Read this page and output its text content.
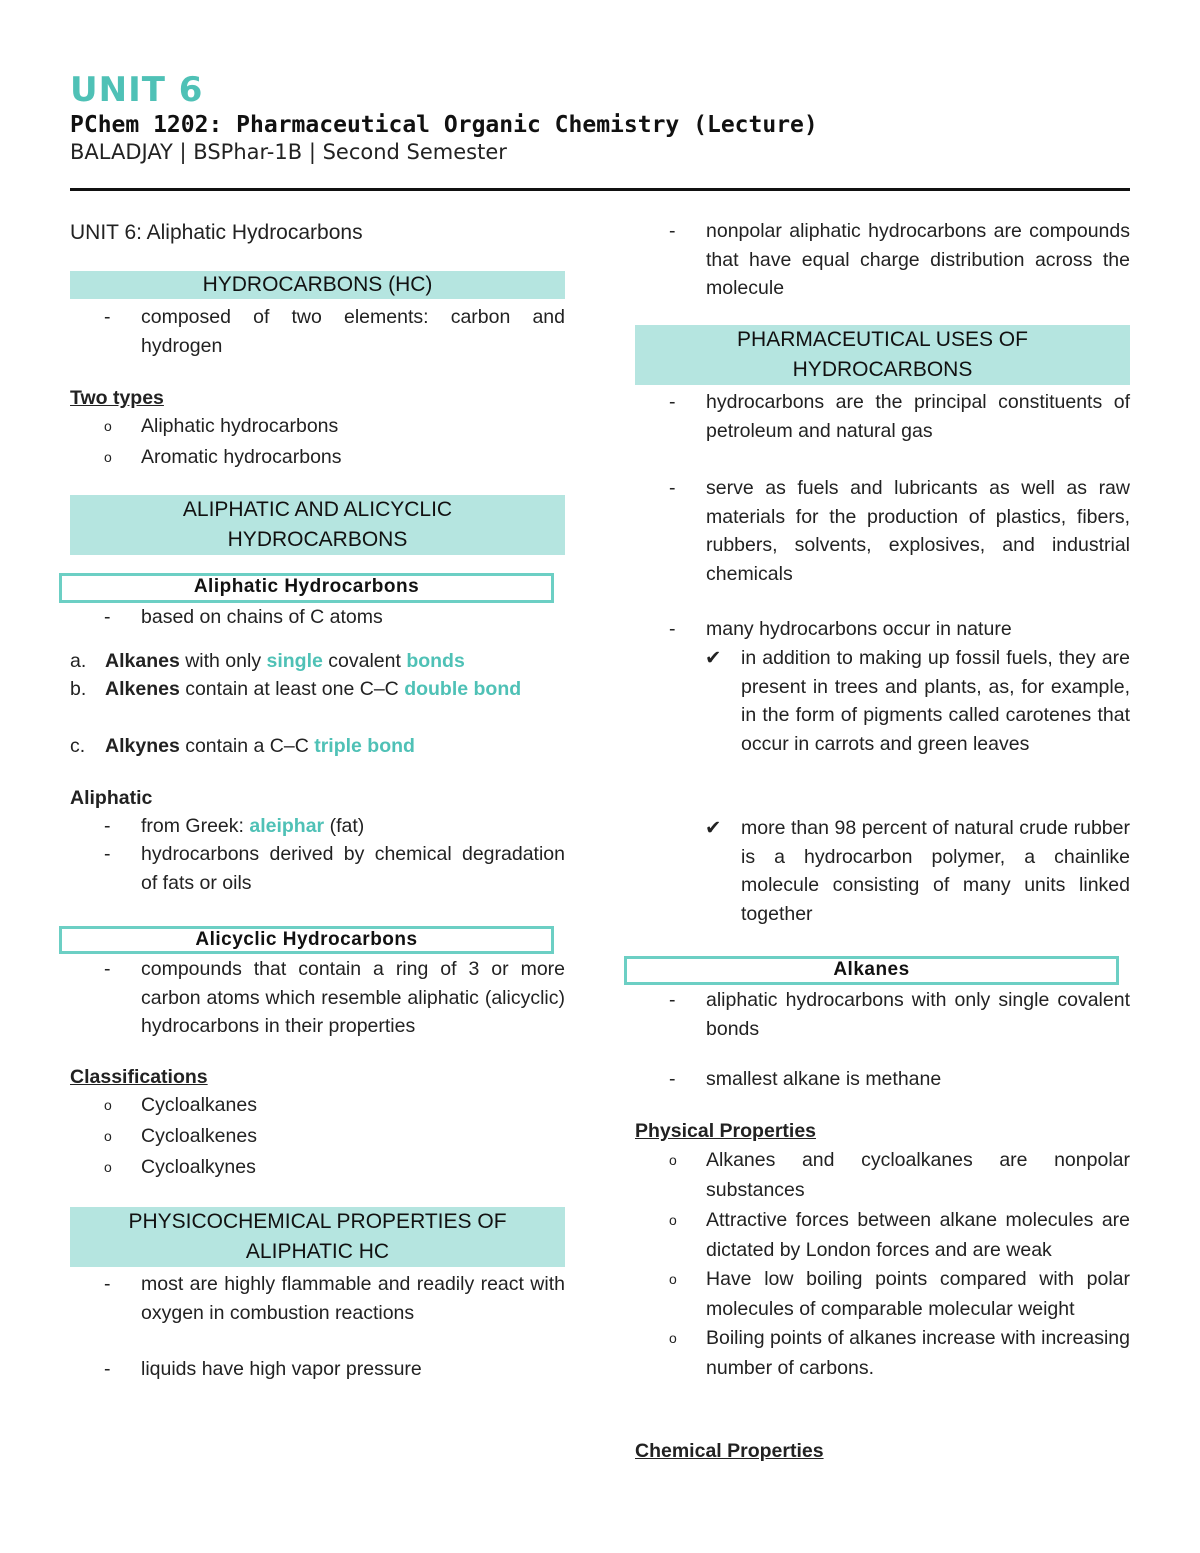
UNIT 6
PChem 1202: Pharmaceutical Organic Chemistry (Lecture)
BALADJAY | BSPhar-1B | Second Semester
UNIT 6: Aliphatic Hydrocarbons
HYDROCARBONS (HC)
- composed of two elements: carbon and hydrogen
Two types
o Aliphatic hydrocarbons
o Aromatic hydrocarbons
ALIPHATIC AND ALICYCLIC
HYDROCARBONS
Aliphatic Hydrocarbons
- based on chains of C atoms
a. Alkanes with only single covalent bonds
b. Alkenes contain at least one C–C double bond
c. Alkynes contain a C–C triple bond
Aliphatic
- from Greek: aleiphar (fat)
- hydrocarbons derived by chemical degradation of fats or oils
Alicyclic Hydrocarbons
- compounds that contain a ring of 3 or more carbon atoms which resemble aliphatic (alicyclic) hydrocarbons in their properties
Classifications
o Cycloalkanes
o Cycloalkenes
o Cycloalkynes
PHYSICOCHEMICAL PROPERTIES OF
ALIPHATIC HC
- most are highly flammable and readily react with oxygen in combustion reactions
- liquids have high vapor pressure
- nonpolar aliphatic hydrocarbons are compounds that have equal charge distribution across the molecule
PHARMACEUTICAL USES OF
HYDROCARBONS
- hydrocarbons are the principal constituents of petroleum and natural gas
- serve as fuels and lubricants as well as raw materials for the production of plastics, fibers, rubbers, solvents, explosives, and industrial chemicals
- many hydrocarbons occur in nature
✔ in addition to making up fossil fuels, they are present in trees and plants, as, for example, in the form of pigments called carotenes that occur in carrots and green leaves
✔ more than 98 percent of natural crude rubber is a hydrocarbon polymer, a chainlike molecule consisting of many units linked together
Alkanes
- aliphatic hydrocarbons with only single covalent bonds
- smallest alkane is methane
Physical Properties
o Alkanes and cycloalkanes are nonpolar substances
o Attractive forces between alkane molecules are dictated by London forces and are weak
o Have low boiling points compared with polar molecules of comparable molecular weight
o Boiling points of alkanes increase with increasing number of carbons.
Chemical Properties
